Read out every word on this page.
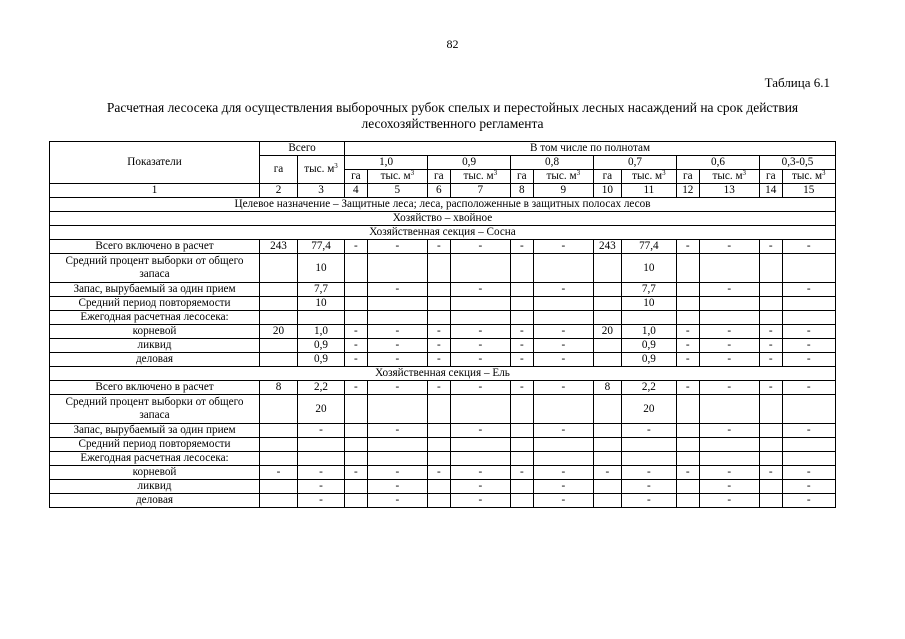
82
Таблица 6.1
Расчетная лесосека для осуществления выборочных рубок спелых и перестойных лесных насаждений на срок действия лесохозяйственного регламента
Показатели	Всего		В том числе по полнотам											
	га	тыс. $м^3$	1,0		0,9		0,8		0,7		0,6		0,3-0,5	
			га	тыс. $м^3$	га	тыс. $м^3$	га	тыс. $м^3$	га	тыс. $м^3$	га	тыс. $м^3$	га	тыс. $м^3$
1	2	3	4	5	6	7	8	9	10	11	12	13	14	15
Целевое назначение – Защитные леса; леса, расположенные в защитных полосах лесов														
Хозяйство – хвойное														
Хозяйственная секция – Сосна														
Всего включено в расчет	243	77,4	-	-	-	-	-	-	243	77,4	-	-	-	-
Средний процент выборки от общего запаса		10								10				
Запас, вырубаемый за один прием		7,7		-		-		-		7,7		-		-
Средний период повторяемости		10								10				
Ежегодная расчетная лесосека:														
корневой	20	1,0	-	-	-	-	-	-	20	1,0	-	-	-	-
ликвид		0,9	-	-	-	-	-	-		0,9	-	-	-	-
деловая		0,9	-	-	-	-	-	-		0,9	-	-	-	-
Хозяйственная секция – Ель														
Всего включено в расчет	8	2,2	-	-	-	-	-	-	8	2,2	-	-	-	-
Средний процент выборки от общего запаса		20								20				
Запас, вырубаемый за один прием		-		-		-		-		-		-		-
Средний период повторяемости														
Ежегодная расчетная лесосека:														
корневой	-	-	-	-	-	-	-	-	-	-	-	-	-	-
ликвид		-		-		-		-		-		-		-
деловая		-		-		-		-		-		-		-
